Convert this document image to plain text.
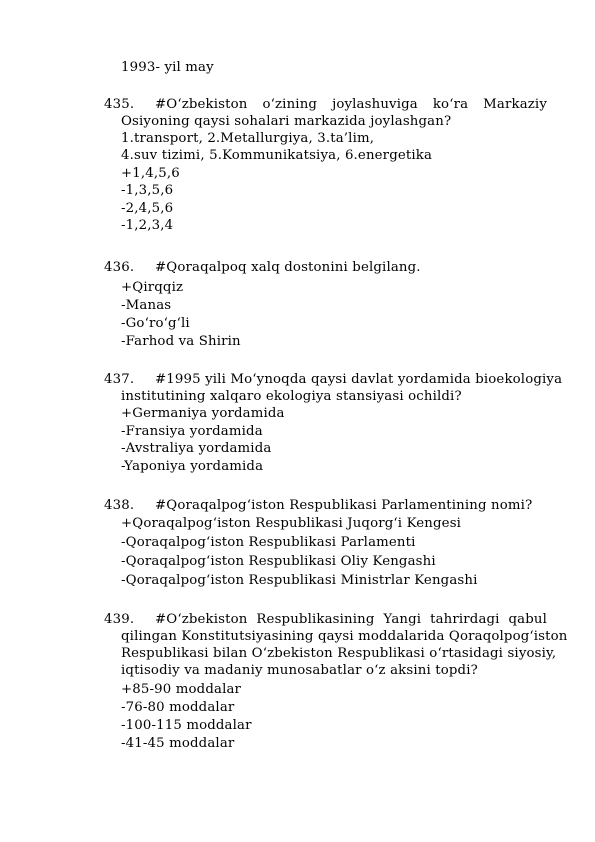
1993- yil may
435. #O‘zbekiston o‘zining joylashuviga ko‘ra Markaziy
Osiyoning qaysi sohalari markazida joylashgan?
1.transport, 2.Metallurgiya, 3.ta’lim,
4.suv tizimi, 5.Kommunikatsiya, 6.energetika
+1,4,5,6
-1,3,5,6
-2,4,5,6
-1,2,3,4
436. #Qoraqalpoq xalq dostonini belgilang.
+Qirqqiz
-Manas
-Go‘ro‘g‘li
-Farhod va Shirin
437. #1995 yili Mo‘ynoqda qaysi davlat yordamida bioekologiya
institutining xalqaro ekologiya stansiyasi ochildi?
+Germaniya yordamida
-Fransiya yordamida
-Avstraliya yordamida
-Yaponiya yordamida
438. #Qoraqalpog‘iston Respublikasi Parlamentining nomi?
+Qoraqalpog‘iston Respublikasi Juqorg‘i Kengesi
-Qoraqalpog‘iston Respublikasi Parlamenti
-Qoraqalpog‘iston Respublikasi Oliy Kengashi
-Qoraqalpog‘iston Respublikasi Ministrlar Kengashi
439. #O‘zbekiston Respublikasining Yangi tahrirdagi qabul
qilingan Konstitutsiyasining qaysi moddalarida Qoraqolpog‘iston
Respublikasi bilan O‘zbekiston Respublikasi o‘rtasidagi siyosiy,
iqtisodiy va madaniy munosabatlar o‘z aksini topdi?
+85-90 moddalar
-76-80 moddalar
-100-115 moddalar
-41-45 moddalar
